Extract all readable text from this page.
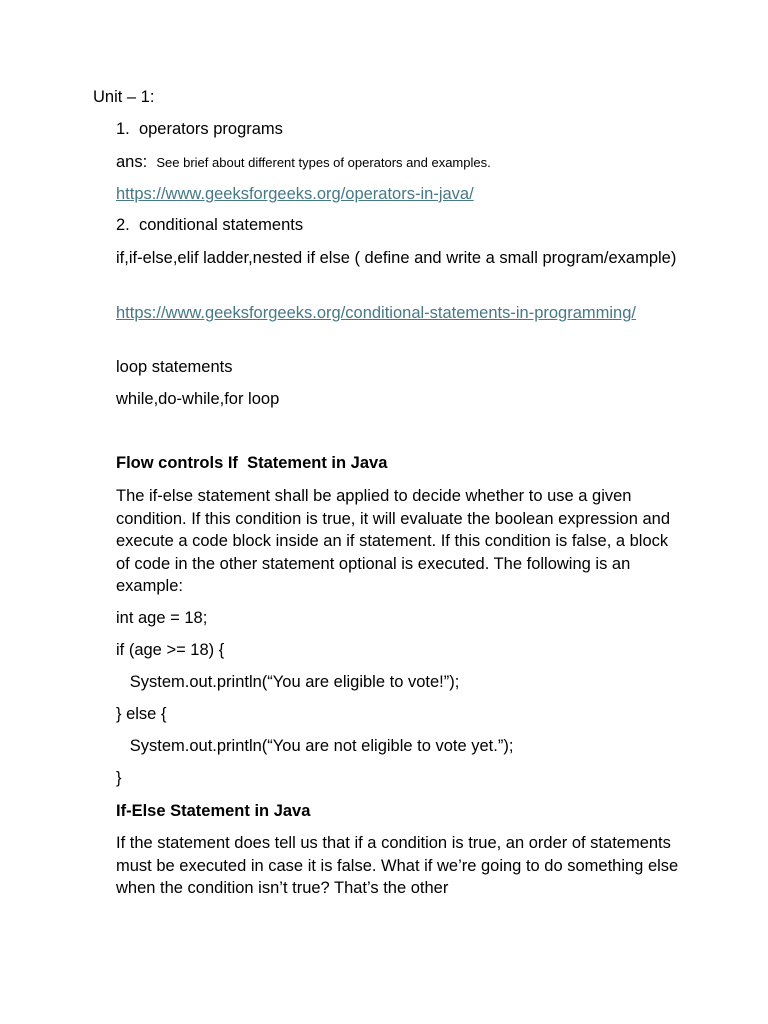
Unit – 1:

1. operators programs

ans: See brief about different types of operators and examples.

https://www.geeksforgeeks.org/operators-in-java/

2. conditional statements

if,if-else,elif ladder,nested if else ( define and write a small program/example)

https://www.geeksforgeeks.org/conditional-statements-in-programming/

loop statements

while,do-while,for loop

Flow controls If  Statement in Java

The if-else statement shall be applied to decide whether to use a given condition. If this condition is true, it will evaluate the boolean expression and execute a code block inside an if statement. If this condition is false, a block of code in the other statement optional is executed. The following is an example:

int age = 18;

if (age >= 18) {

System.out.println(“You are eligible to vote!”);

} else {

System.out.println(“You are not eligible to vote yet.”);

}

If-Else Statement in Java

If the statement does tell us that if a condition is true, an order of statements must be executed in case it is false. What if we’re going to do something else when the condition isn’t true? That’s the other
